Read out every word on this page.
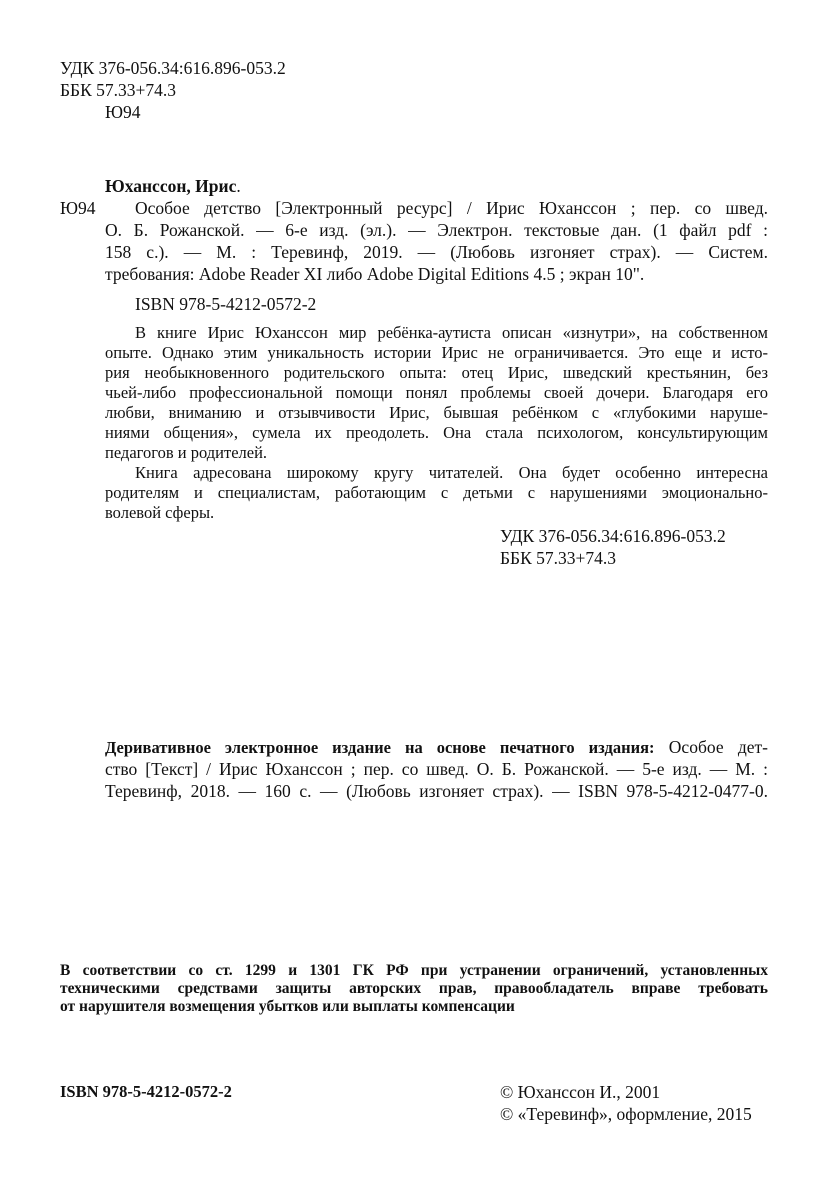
УДК 376-056.34:616.896-053.2
ББК 57.33+74.3
Ю94
Юханссон, Ирис.
Ю94 Особое детство [Электронный ресурс] / Ирис Юханссон ; пер. со швед.
О. Б. Рожанской. — 6-е изд. (эл.). — Электрон. текстовые дан. (1 файл pdf :
158 с.). — М. : Теревинф, 2019. — (Любовь изгоняет страх). — Систем.
требования: Adobe Reader XI либо Adobe Digital Editions 4.5 ; экран 10".
ISBN 978-5-4212-0572-2
В книге Ирис Юханссон мир ребёнка-аутиста описан «изнутри», на собственном
опыте. Однако этим уникальность истории Ирис не ограничивается. Это еще и исто-
рия необыкновенного родительского опыта: отец Ирис, шведский крестьянин, без
чьей-либо профессиональной помощи понял проблемы своей дочери. Благодаря его
любви, вниманию и отзывчивости Ирис, бывшая ребёнком с «глубокими наруше-
ниями общения», сумела их преодолеть. Она стала психологом, консультирующим
педагогов и родителей.
Книга адресована широкому кругу читателей. Она будет особенно интересна
родителям и специалистам, работающим с детьми с нарушениями эмоционально-
волевой сферы.
УДК 376-056.34:616.896-053.2
ББК 57.33+74.3
Деривативное электронное издание на основе печатного издания: Особое дет-
ство [Текст] / Ирис Юханссон ; пер. со швед. О. Б. Рожанской. — 5-е изд. — М. :
Теревинф, 2018. — 160 с. — (Любовь изгоняет страх). — ISBN 978-5-4212-0477-0.
В соответствии со ст. 1299 и 1301 ГК РФ при устранении ограничений, установленных
техническими средствами защиты авторских прав, правообладатель вправе требовать
от нарушителя возмещения убытков или выплаты компенсации
ISBN 978-5-4212-0572-2	© Юханссон И., 2001
© «Теревинф», оформление, 2015
